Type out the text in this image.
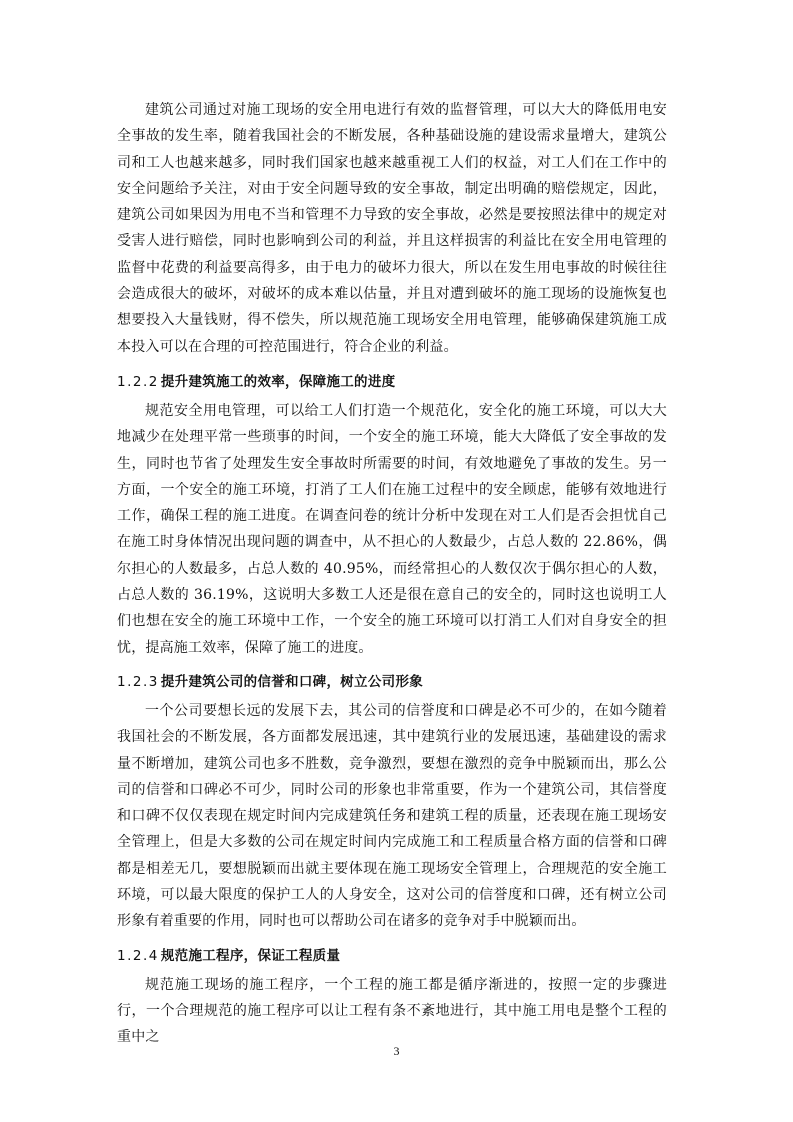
建筑公司通过对施工现场的安全用电进行有效的监督管理，可以大大的降低用电安全事故的发生率，随着我国社会的不断发展，各种基础设施的建设需求量增大，建筑公司和工人也越来越多，同时我们国家也越来越重视工人们的权益，对工人们在工作中的安全问题给予关注，对由于安全问题导致的安全事故，制定出明确的赔偿规定，因此，建筑公司如果因为用电不当和管理不力导致的安全事故，必然是要按照法律中的规定对受害人进行赔偿，同时也影响到公司的利益，并且这样损害的利益比在安全用电管理的监督中花费的利益要高得多，由于电力的破坏力很大，所以在发生用电事故的时候往往会造成很大的破坏，对破坏的成本难以估量，并且对遭到破坏的施工现场的设施恢复也想要投入大量钱财，得不偿失，所以规范施工现场安全用电管理，能够确保建筑施工成本投入可以在合理的可控范围进行，符合企业的利益。

1.2.2 提升建筑施工的效率，保障施工的进度

规范安全用电管理，可以给工人们打造一个规范化，安全化的施工环境，可以大大地减少在处理平常一些琐事的时间，一个安全的施工环境，能大大降低了安全事故的发生，同时也节省了处理发生安全事故时所需要的时间，有效地避免了事故的发生。另一方面，一个安全的施工环境，打消了工人们在施工过程中的安全顾虑，能够有效地进行工作，确保工程的施工进度。在调查问卷的统计分析中发现在对工人们是否会担忧自己在施工时身体情况出现问题的调查中，从不担心的人数最少，占总人数的 22.86%，偶尔担心的人数最多，占总人数的 40.95%，而经常担心的人数仅次于偶尔担心的人数，占总人数的 36.19%，这说明大多数工人还是很在意自己的安全的，同时这也说明工人们也想在安全的施工环境中工作，一个安全的施工环境可以打消工人们对自身安全的担忧，提高施工效率，保障了施工的进度。

1.2.3 提升建筑公司的信誉和口碑，树立公司形象

一个公司要想长远的发展下去，其公司的信誉度和口碑是必不可少的，在如今随着我国社会的不断发展，各方面都发展迅速，其中建筑行业的发展迅速，基础建设的需求量不断增加，建筑公司也多不胜数，竞争激烈，要想在激烈的竞争中脱颖而出，那么公司的信誉和口碑必不可少，同时公司的形象也非常重要，作为一个建筑公司，其信誉度和口碑不仅仅表现在规定时间内完成建筑任务和建筑工程的质量，还表现在施工现场安全管理上，但是大多数的公司在规定时间内完成施工和工程质量合格方面的信誉和口碑都是相差无几，要想脱颖而出就主要体现在施工现场安全管理上，合理规范的安全施工环境，可以最大限度的保护工人的人身安全，这对公司的信誉度和口碑，还有树立公司形象有着重要的作用，同时也可以帮助公司在诸多的竞争对手中脱颖而出。

1.2.4 规范施工程序，保证工程质量

规范施工现场的施工程序，一个工程的施工都是循序渐进的，按照一定的步骤进行，一个合理规范的施工程序可以让工程有条不紊地进行，其中施工用电是整个工程的重中之

3
